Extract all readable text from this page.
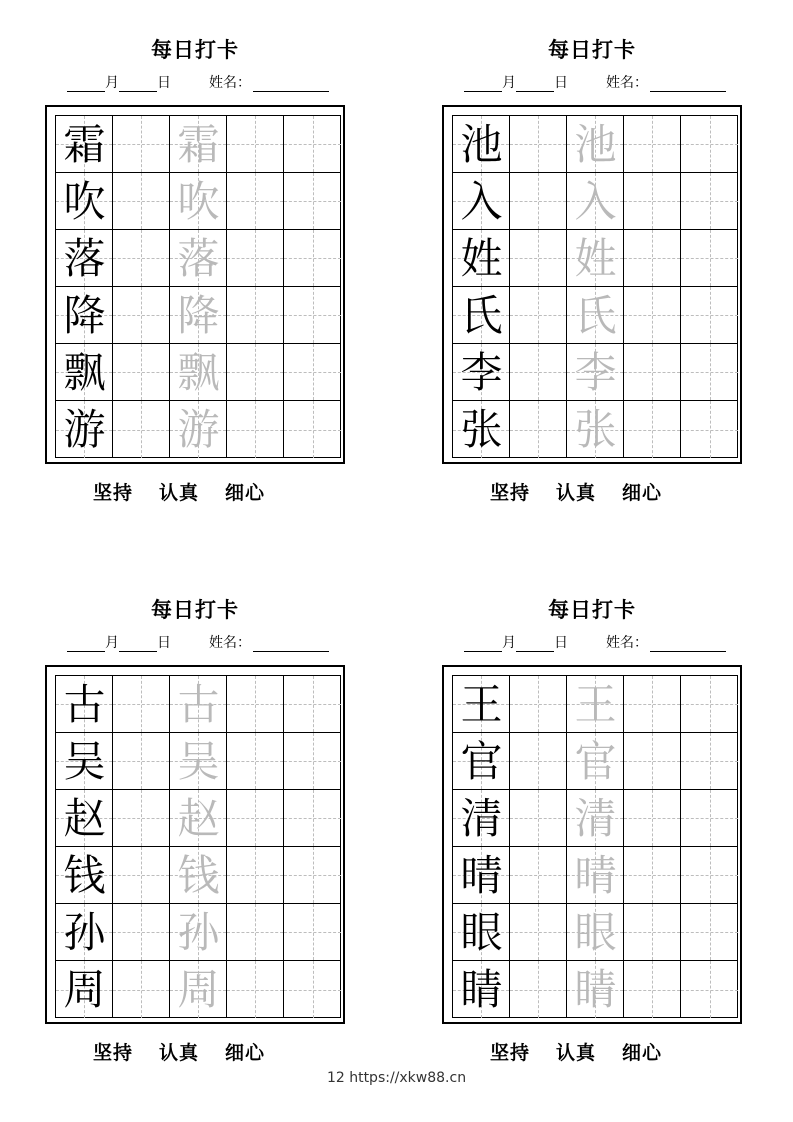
每日打卡
月	日	姓名：
霜 霜
吹 吹
落 落
降 降
飘 飘
游 游
坚持 认真 细心
每日打卡
月	日	姓名：
池 池
入 入
姓 姓
氏 氏
李 李
张 张
坚持 认真 细心
每日打卡
月	日	姓名：
古 古
吴 吴
赵 赵
钱 钱
孙 孙
周 周
坚持 认真 细心
每日打卡
月	日	姓名：
王 王
官 官
清 清
晴 晴
眼 眼
睛 睛
坚持 认真 细心
12 https://xkw88.cn
